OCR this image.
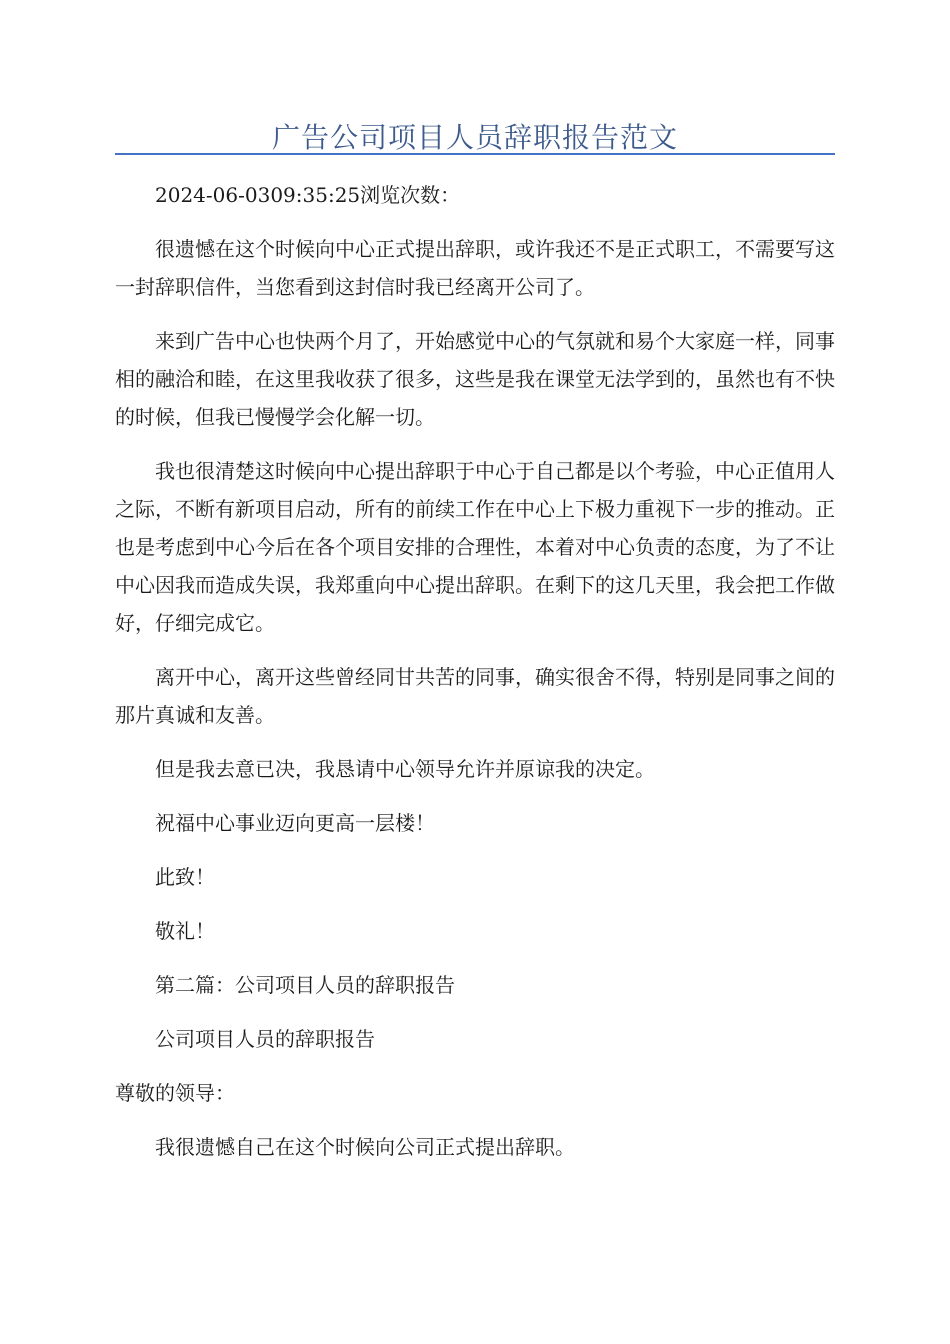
广告公司项目人员辞职报告范文

2024-06-0309:35:25浏览次数：

很遗憾在这个时候向中心正式提出辞职，或许我还不是正式职工，不需要写这一封辞职信件，当您看到这封信时我已经离开公司了。

来到广告中心也快两个月了，开始感觉中心的气氛就和易个大家庭一样，同事相的融洽和睦，在这里我收获了很多，这些是我在课堂无法学到的，虽然也有不快的时候，但我已慢慢学会化解一切。

我也很清楚这时候向中心提出辞职于中心于自己都是以个考验，中心正值用人之际，不断有新项目启动，所有的前续工作在中心上下极力重视下一步的推动。正也是考虑到中心今后在各个项目安排的合理性，本着对中心负责的态度，为了不让中心因我而造成失误，我郑重向中心提出辞职。在剩下的这几天里，我会把工作做好，仔细完成它。

离开中心，离开这些曾经同甘共苦的同事，确实很舍不得，特别是同事之间的那片真诚和友善。

但是我去意已决，我恳请中心领导允许并原谅我的决定。

祝福中心事业迈向更高一层楼！

此致！

敬礼！

第二篇：公司项目人员的辞职报告

公司项目人员的辞职报告

尊敬的领导：

我很遗憾自己在这个时候向公司正式提出辞职。
